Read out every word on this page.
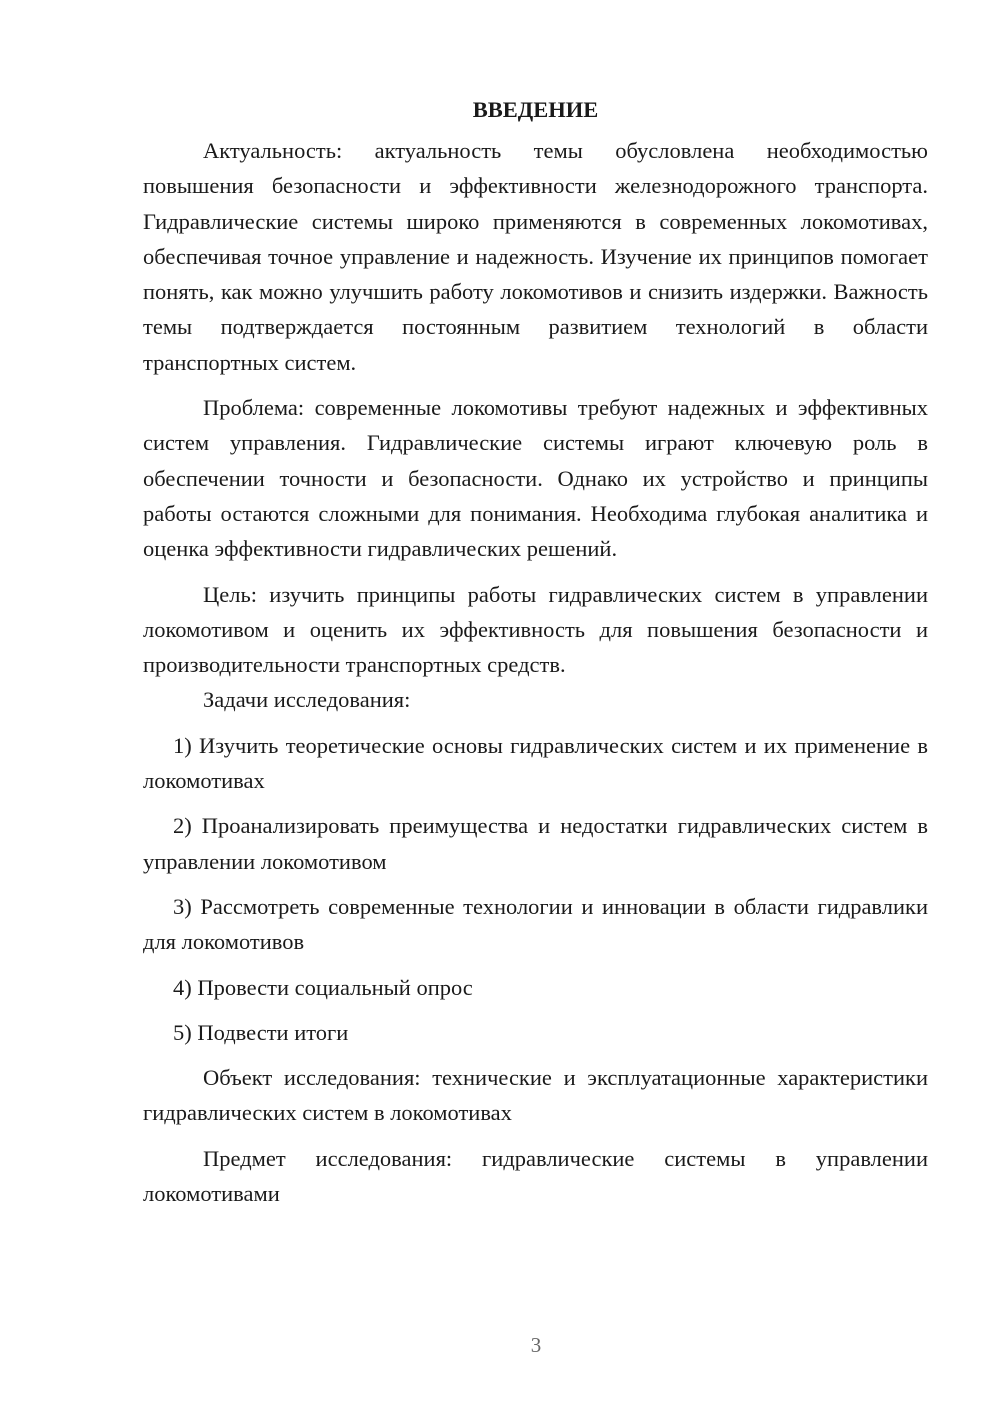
ВВЕДЕНИЕ

Актуальность: актуальность темы обусловлена необходимостью повышения безопасности и эффективности железнодорожного транспорта. Гидравлические системы широко применяются в современных локомотивах, обеспечивая точное управление и надежность. Изучение их принципов помогает понять, как можно улучшить работу локомотивов и снизить издержки. Важность темы подтверждается постоянным развитием технологий в области транспортных систем.

Проблема: современные локомотивы требуют надежных и эффективных систем управления. Гидравлические системы играют ключевую роль в обеспечении точности и безопасности. Однако их устройство и принципы работы остаются сложными для понимания. Необходима глубокая аналитика и оценка эффективности гидравлических решений.

Цель: изучить принципы работы гидравлических систем в управлении локомотивом и оценить их эффективность для повышения безопасности и производительности транспортных средств.

Задачи исследования:

1) Изучить теоретические основы гидравлических систем и их применение в локомотивах

2) Проанализировать преимущества и недостатки гидравлических систем в управлении локомотивом

3) Рассмотреть современные технологии и инновации в области гидравлики для локомотивов

4) Провести социальный опрос

5) Подвести итоги

Объект исследования: технические и эксплуатационные характеристики гидравлических систем в локомотивах

Предмет исследования: гидравлические системы в управлении локомотивами

3
